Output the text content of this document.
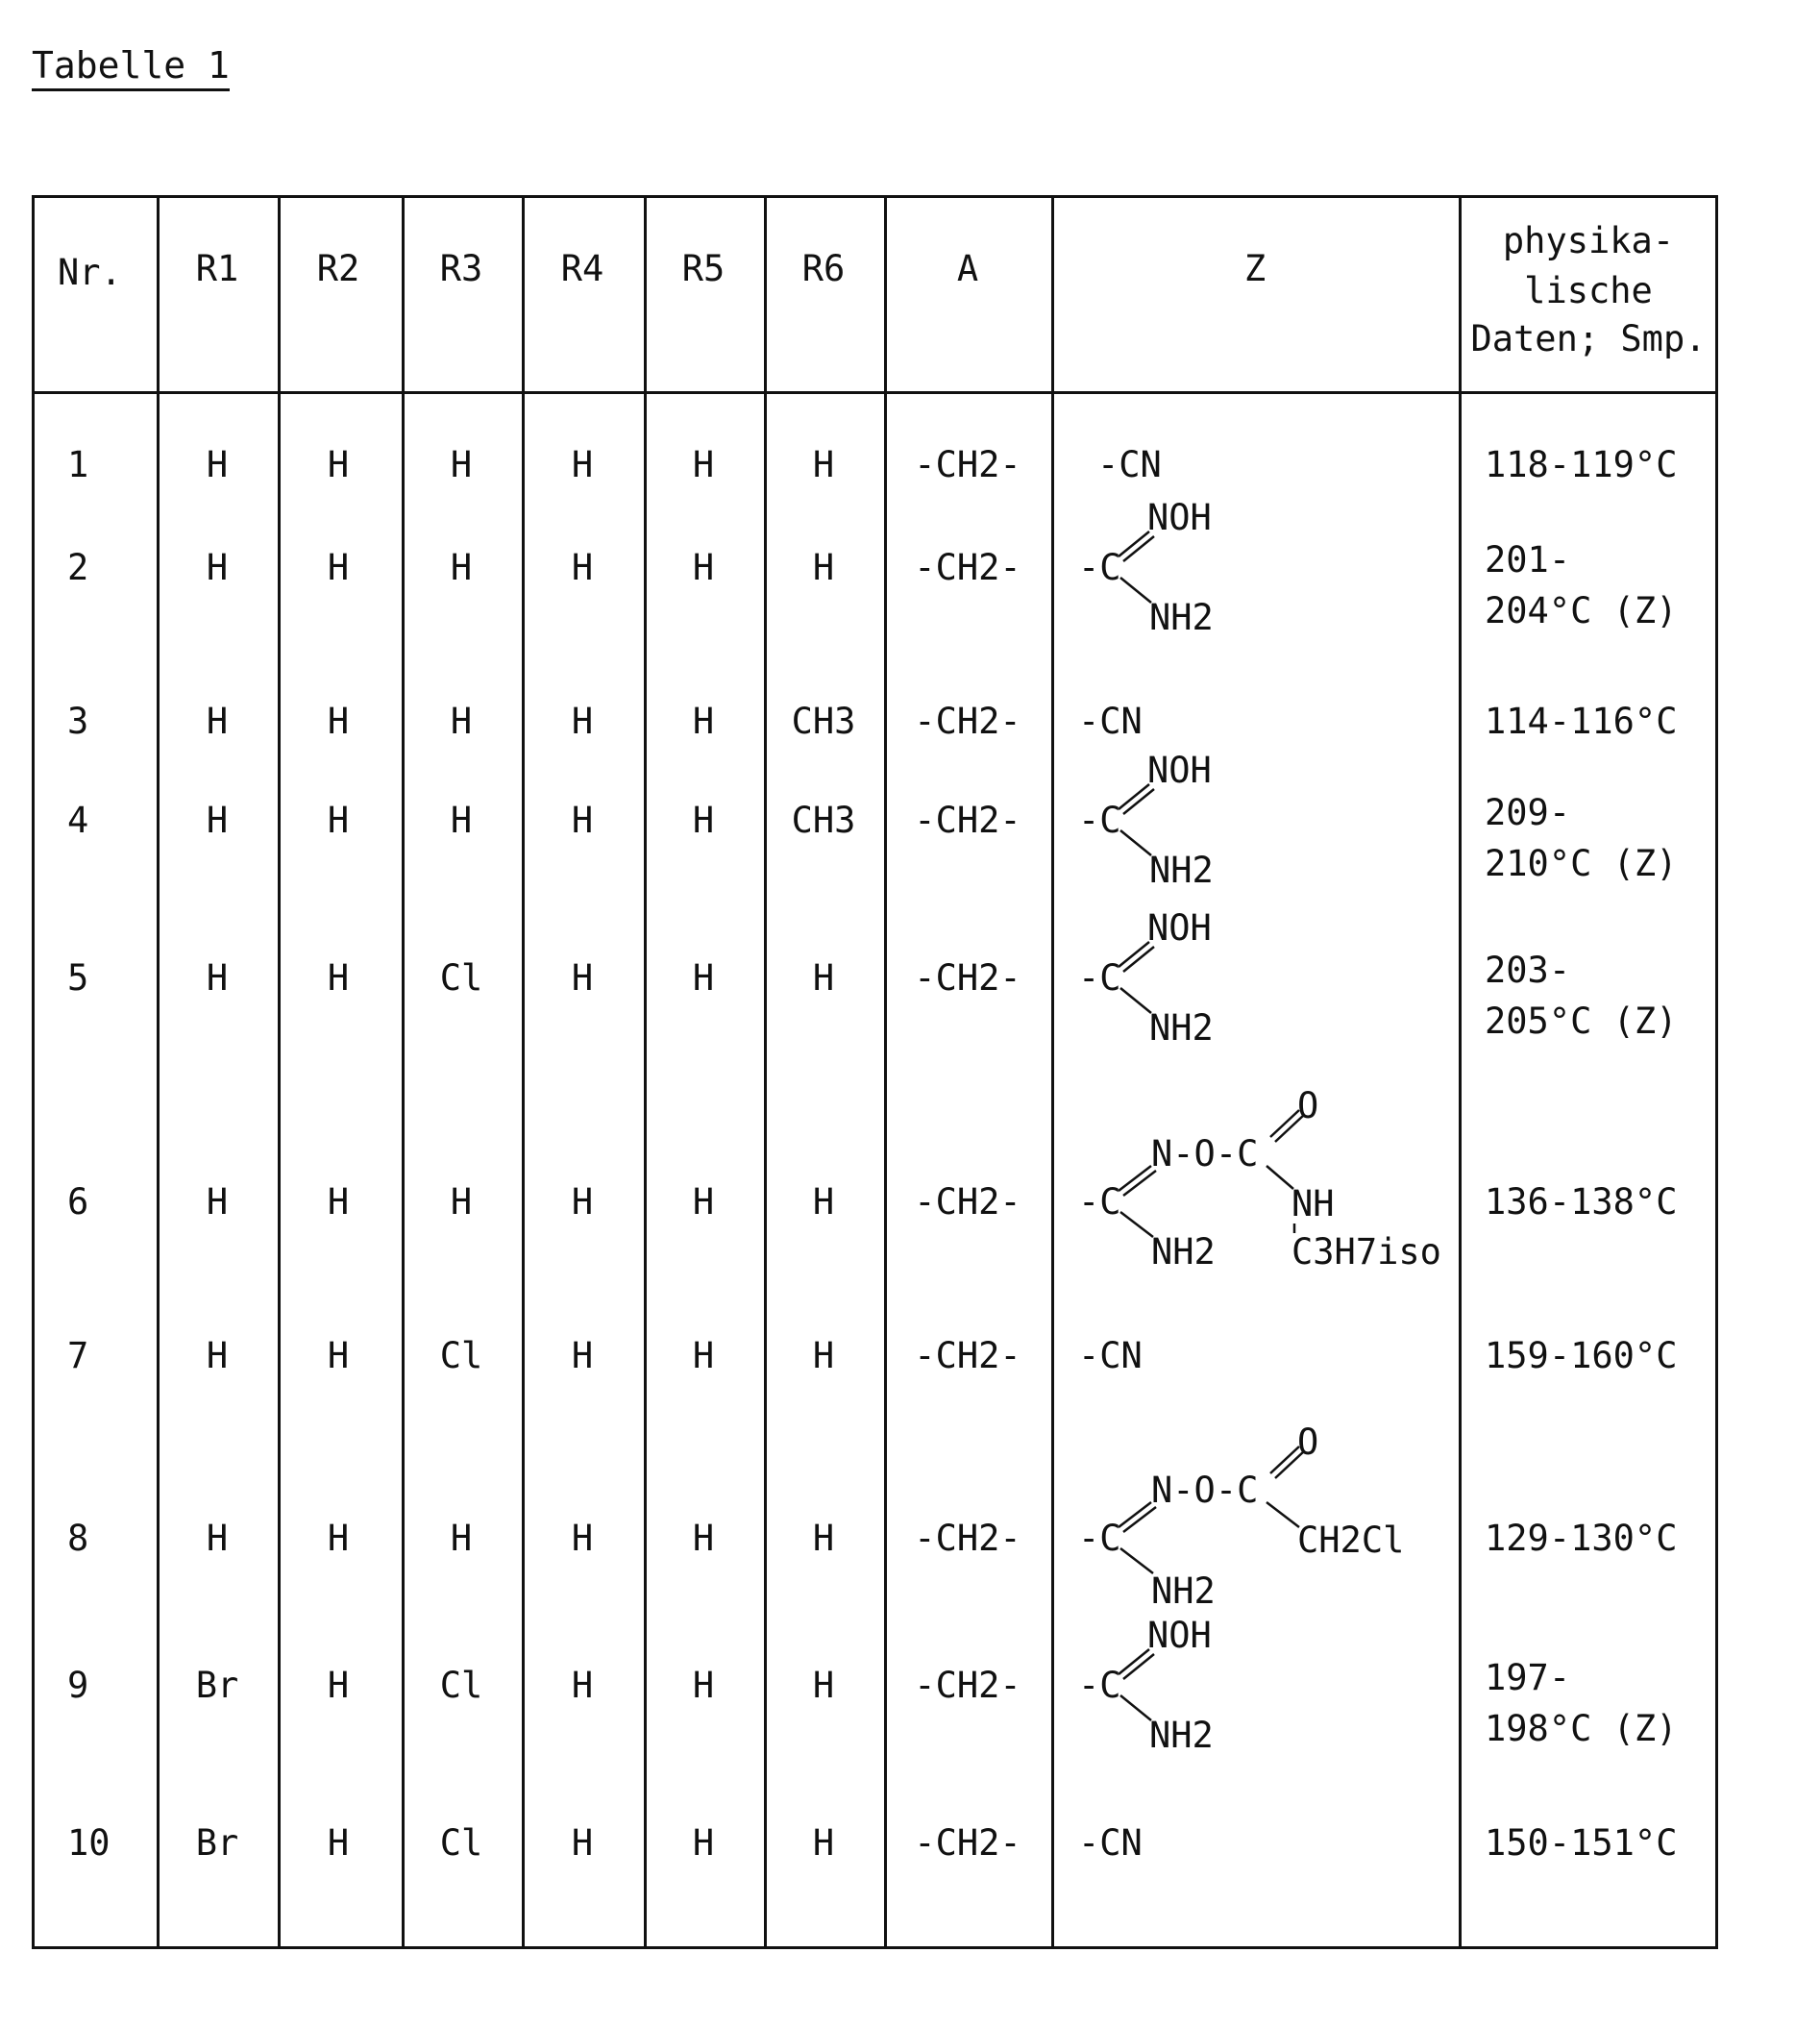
Tabelle 1
Nr. R1 R2 R3 R4 R5 R6	A	Z
physika-
lische
Daten; Smp.
1	H	H	H	H	H	H -CH2- -CN	118-119°C
2	H	H	H	H	H	H -CH2- -C
NOH
NH2
201-
204°C (Z)
3	H	H	H	H	H CH3 -CH2- -CN	114-116°C
4	H	H	H	H	H CH3 -CH2- -C
NOH
NH2
209-
210°C (Z)
5	H	H	Cl	H	H	H -CH2- -C
NOH
NH2
203-
205°C (Z)
6	H	H	H	H	H	H -CH2- -C
N-O-C
O
NH
C3H7iso
NH2
136-138°C
7	H	H	Cl	H	H	H -CH2- -CN	159-160°C
8	H	H	H	H	H	H -CH2- -C
N-O-C
O
CH2Cl
NH2
129-130°C
9	Br	H	Cl	H	H	H -CH2- -C
NOH
NH2
197-
198°C (Z)
10 Br	H	Cl	H	H	H -CH2- -CN	150-151°C
